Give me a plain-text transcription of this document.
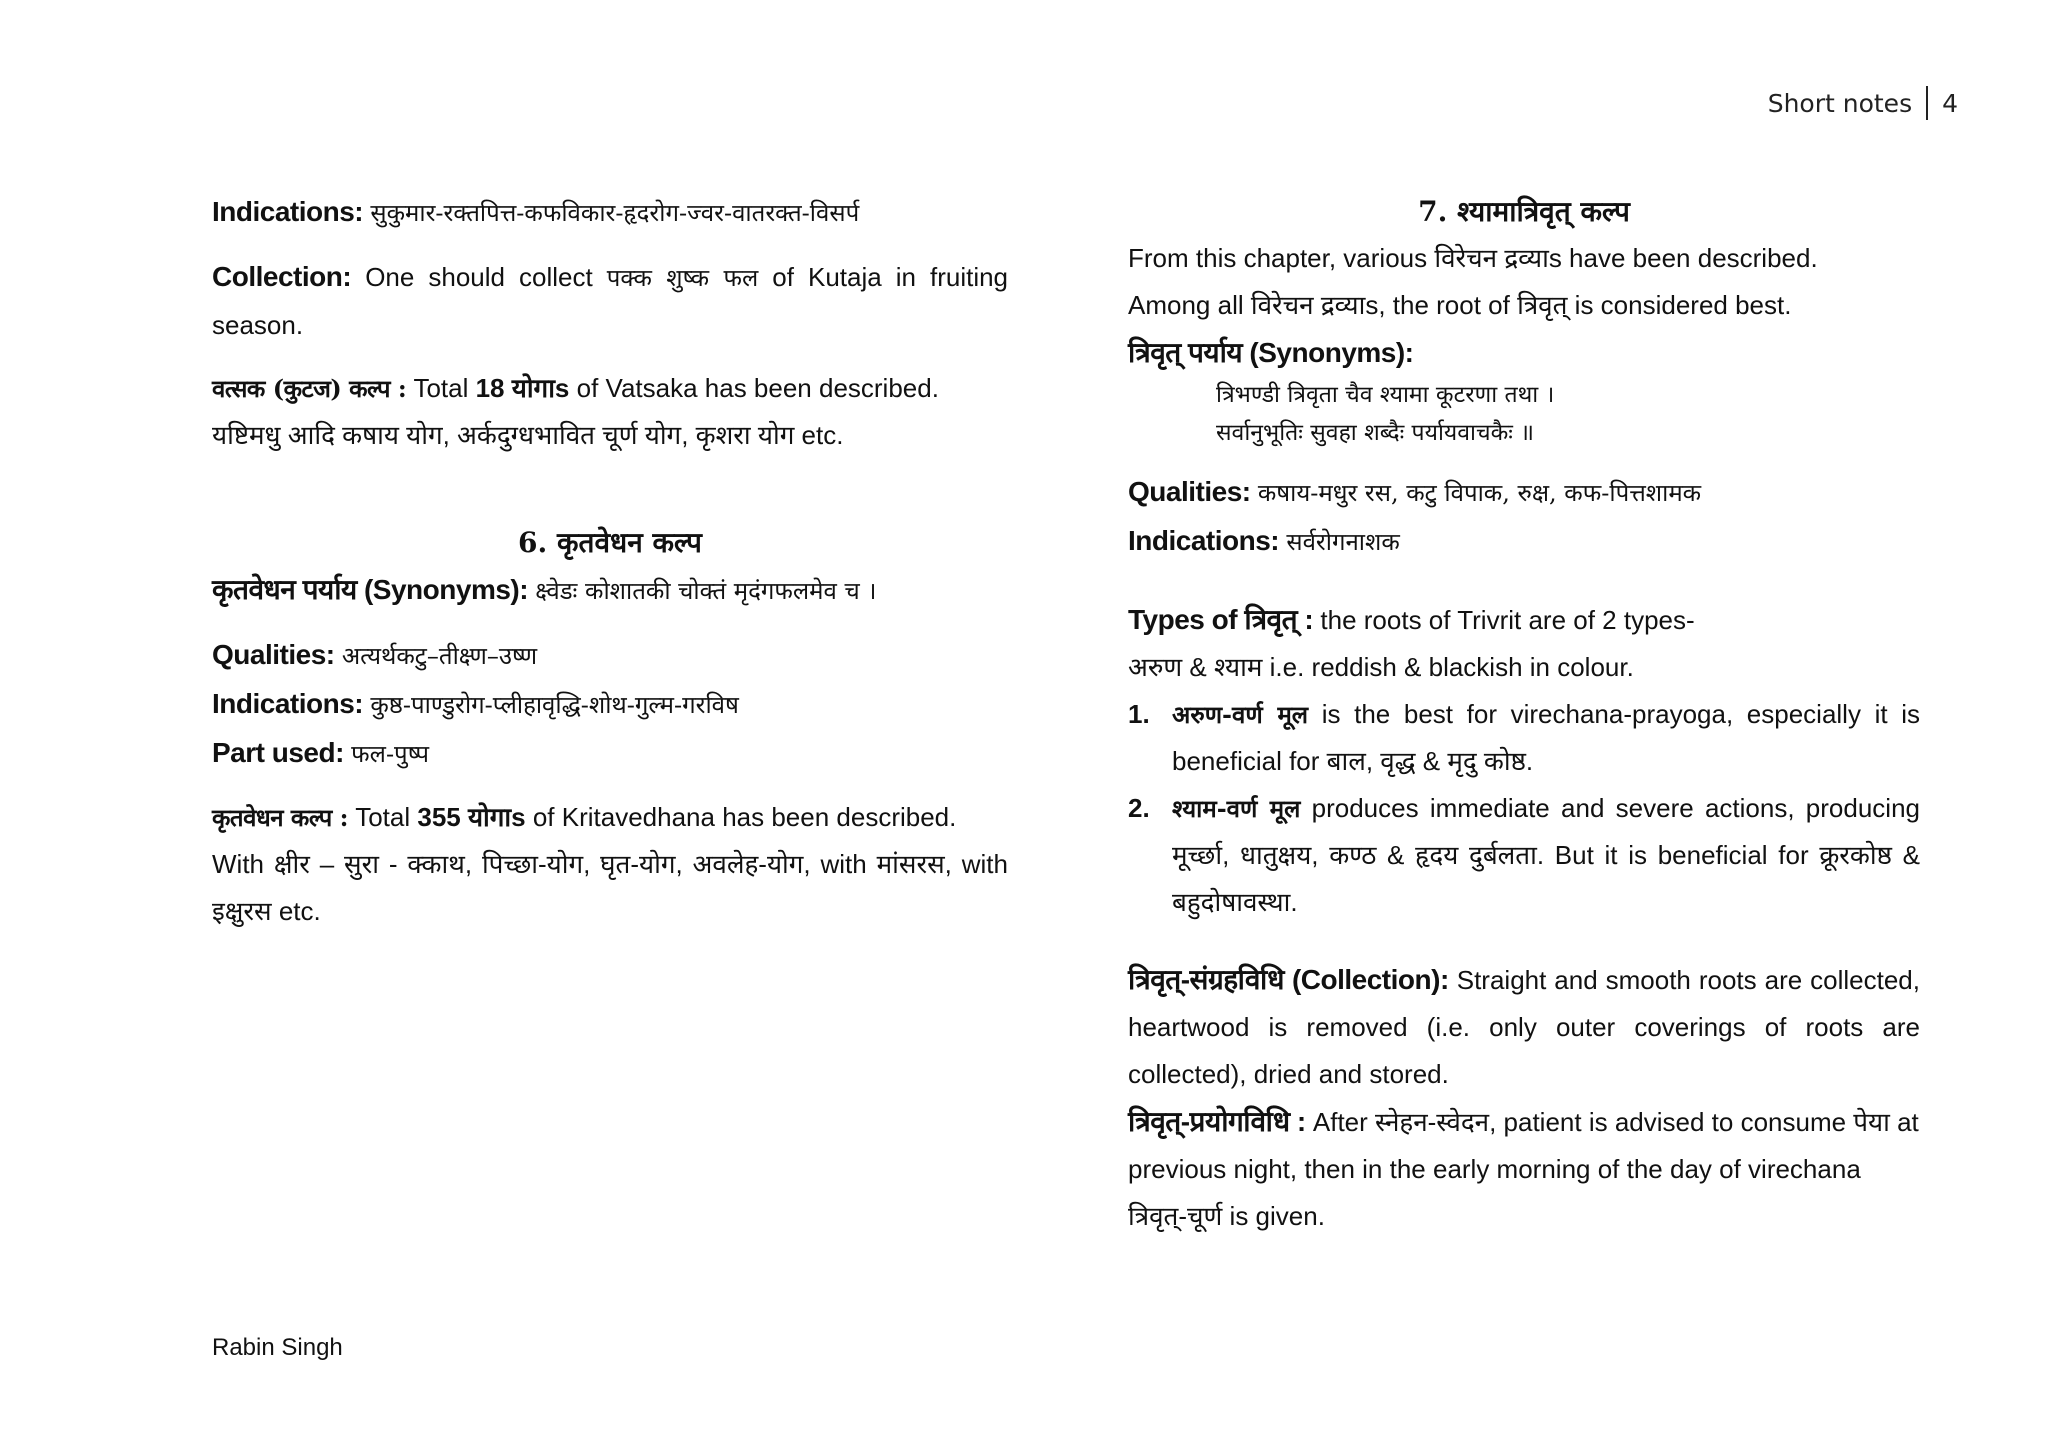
Short notes 4
Indications: सुकुमार-रक्तपित्त-कफविकार-हृदरोग-ज्वर-वातरक्त-विसर्प
Collection: One should collect पक्क शुष्क फल of Kutaja in fruiting season.
वत्सक (कुटज) कल्प : Total 18 योगाs of Vatsaka has been described.
यष्टिमधु आदि कषाय योग, अर्कदुग्धभावित चूर्ण योग, कृशरा योग etc.
6. कृतवेधन कल्प
कृतवेधन पर्याय (Synonyms): क्ष्वेडः कोशातकी चोक्तं मृदंगफलमेव च ।
Qualities: अत्यर्थकटु–तीक्ष्ण–उष्ण
Indications: कुष्ठ-पाण्डुरोग-प्लीहावृद्धि-शोथ-गुल्म-गरविष
Part used: फल-पुष्प
कृतवेधन कल्प : Total 355 योगाs of Kritavedhana has been described.
With क्षीर – सुरा - क्काथ, पिच्छा-योग, घृत-योग, अवलेह-योग, with मांसरस, with इक्षुरस etc.
7. श्यामात्रिवृत् कल्प
From this chapter, various विरेचन द्रव्याs have been described.
Among all विरेचन द्रव्याs, the root of त्रिवृत् is considered best.
त्रिवृत् पर्याय (Synonyms):
त्रिभण्डी त्रिवृता चैव श्यामा कूटरणा तथा ।
सर्वानुभूतिः सुवहा शब्दैः पर्यायवाचकैः ॥
Qualities: कषाय-मधुर रस, कटु विपाक, रुक्ष, कफ-पित्तशामक
Indications: सर्वरोगनाशक
Types of त्रिवृत् : the roots of Trivrit are of 2 types-
अरुण & श्याम i.e. reddish & blackish in colour.
1. अरुण-वर्ण मूल is the best for virechana-prayoga, especially it is beneficial for बाल, वृद्ध & मृदु कोष्ठ.
2. श्याम-वर्ण मूल produces immediate and severe actions, producing मूर्च्छा, धातुक्षय, कण्ठ & हृदय दुर्बलता. But it is beneficial for क्रूरकोष्ठ & बहुदोषावस्था.
त्रिवृत्-संग्रहविधि (Collection): Straight and smooth roots are collected, heartwood is removed (i.e. only outer coverings of roots are collected), dried and stored.
त्रिवृत्-प्रयोगविधि : After स्नेहन-स्वेदन, patient is advised to consume पेया at previous night, then in the early morning of the day of virechana त्रिवृत्-चूर्ण is given.
Rabin Singh
